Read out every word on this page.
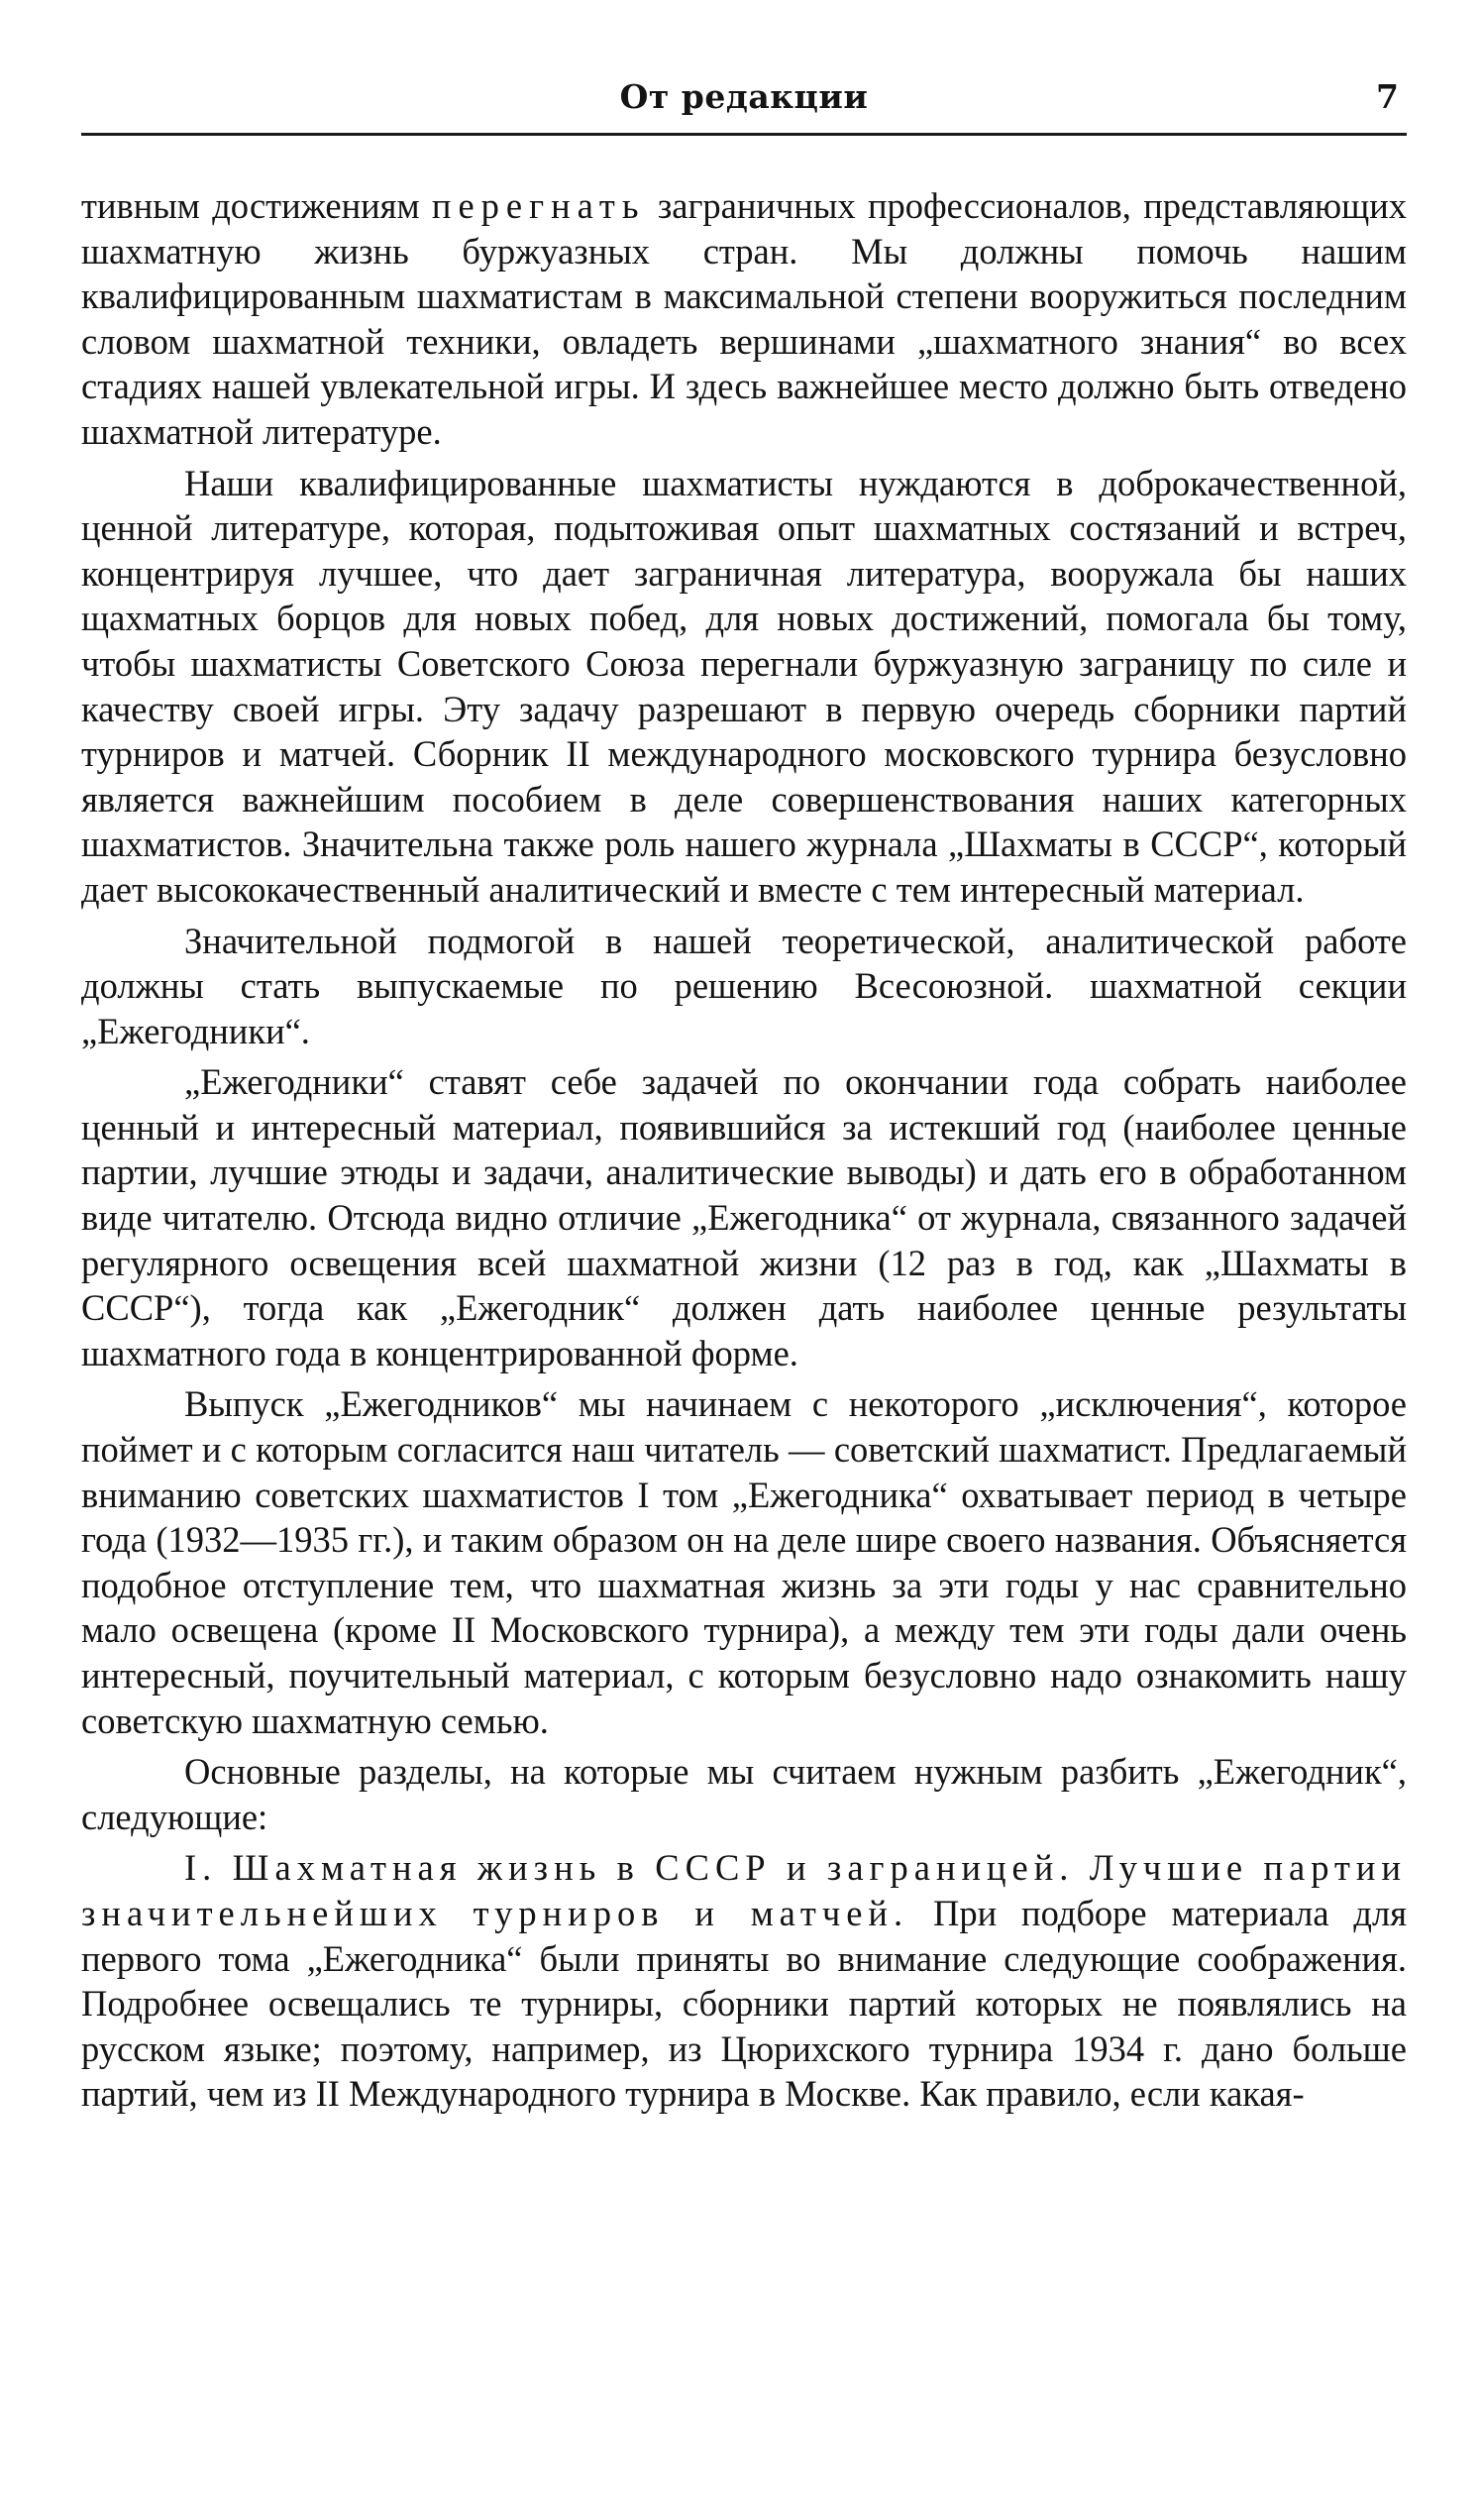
От редакции	7

тивным достижениям перегнать заграничных профессионалов, представляющих шахматную жизнь буржуазных стран. Мы должны помочь нашим квалифицированным шахматистам в максимальной степени вооружиться последним словом шахматной техники, овладеть вершинами „шахматного знания“ во всех стадиях нашей увлекательной игры. И здесь важнейшее место должно быть отведено шахматной литературе.

Наши квалифицированные шахматисты нуждаются в доброкачественной, ценной литературе, которая, подытоживая опыт шахматных состязаний и встреч, концентрируя лучшее, что дает заграничная литература, вооружала бы наших щахматных борцов для новых побед, для новых достижений, помогала бы тому, чтобы шахматисты Советского Союза перегнали буржуазную заграницу по силе и качеству своей игры. Эту задачу разрешают в первую очередь сборники партий турниров и матчей. Сборник II международного московского турнира безусловно является важнейшим пособием в деле совершенствования наших категорных шахматистов. Значительна также роль нашего журнала „Шахматы в СССР“, который дает высококачественный аналитический и вместе с тем интересный материал.

Значительной подмогой в нашей теоретической, аналитической работе должны стать выпускаемые по решению Всесоюзной. шахматной секции „Ежегодники“.

„Ежегодники“ ставят себе задачей по окончании года собрать наиболее ценный и интересный материал, появившийся за истекший год (наиболее ценные партии, лучшие этюды и задачи, аналитические выводы) и дать его в обработанном виде читателю. Отсюда видно отличие „Ежегодника“ от журнала, связанного задачей регулярного освещения всей шахматной жизни (12 раз в год, как „Шахматы в СССР“), тогда как „Ежегодник“ должен дать наиболее ценные результаты шахматного года в концентрированной форме.

Выпуск „Ежегодников“ мы начинаем с некоторого „исключения“, которое поймет и с которым согласится наш читатель — советский шахматист. Предлагаемый вниманию советских шахматистов I том „Ежегодника“ охватывает период в четыре года (1932—1935 гг.), и таким образом он на деле шире своего названия. Объясняется подобное отступление тем, что шахматная жизнь за эти годы у нас сравнительно мало освещена (кроме II Московского турнира), а между тем эти годы дали очень интересный, поучительный материал, с которым безусловно надо ознакомить нашу советскую шахматную семью.

Основные разделы, на которые мы считаем нужным разбить „Ежегодник“, следующие:

I. Шахматная жизнь в СССР и заграницей. Лучшие партии значительнейших турниров и матчей. При подборе материала для первого тома „Ежегодника“ были приняты во внимание следующие соображения. Подробнее освещались те турниры, сборники партий которых не появлялись на русском языке; поэтому, например, из Цюрихского турнира 1934 г. дано больше партий, чем из II Международного турнира в Москве. Как правило, если какая-
